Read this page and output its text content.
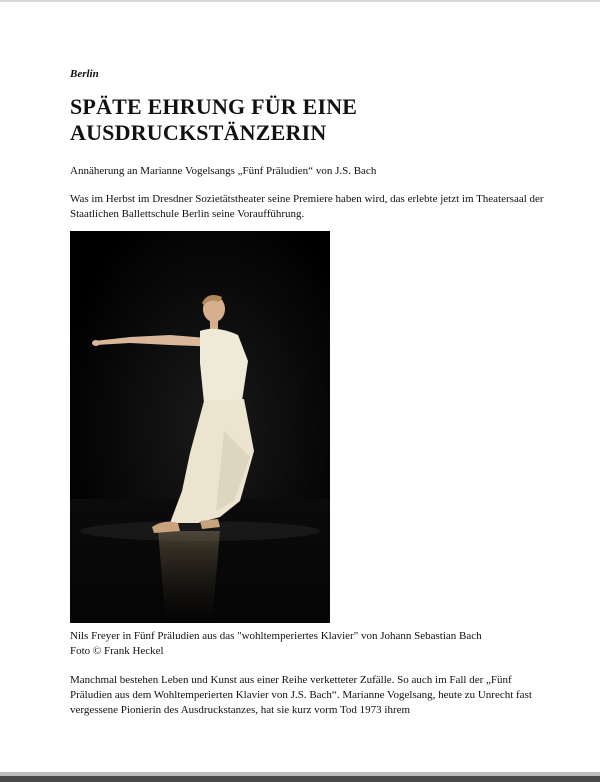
Berlin

SPÄTE EHRUNG FÜR EINE
AUSDRUCKSTÄNZERIN

Annäherung an Marianne Vogelsangs „Fünf Präludien“ von J.S. Bach

Was im Herbst im Dresdner Sozietätstheater seine Premiere haben wird, das erlebte jetzt im Theatersaal der Staatlichen Ballettschule Berlin seine Voraufführung.

Nils Freyer in Fünf Präludien aus das "wohltemperiertes Klavier" von Johann Sebastian Bach
Foto © Frank Heckel

Manchmal bestehen Leben und Kunst aus einer Reihe verketteter Zufälle. So auch im Fall der „Fünf Präludien aus dem Wohltemperierten Klavier von J.S. Bach“. Marianne Vogelsang, heute zu Unrecht fast vergessene Pionierin des Ausdruckstanzes, hat sie kurz vorm Tod 1973 ihrem
